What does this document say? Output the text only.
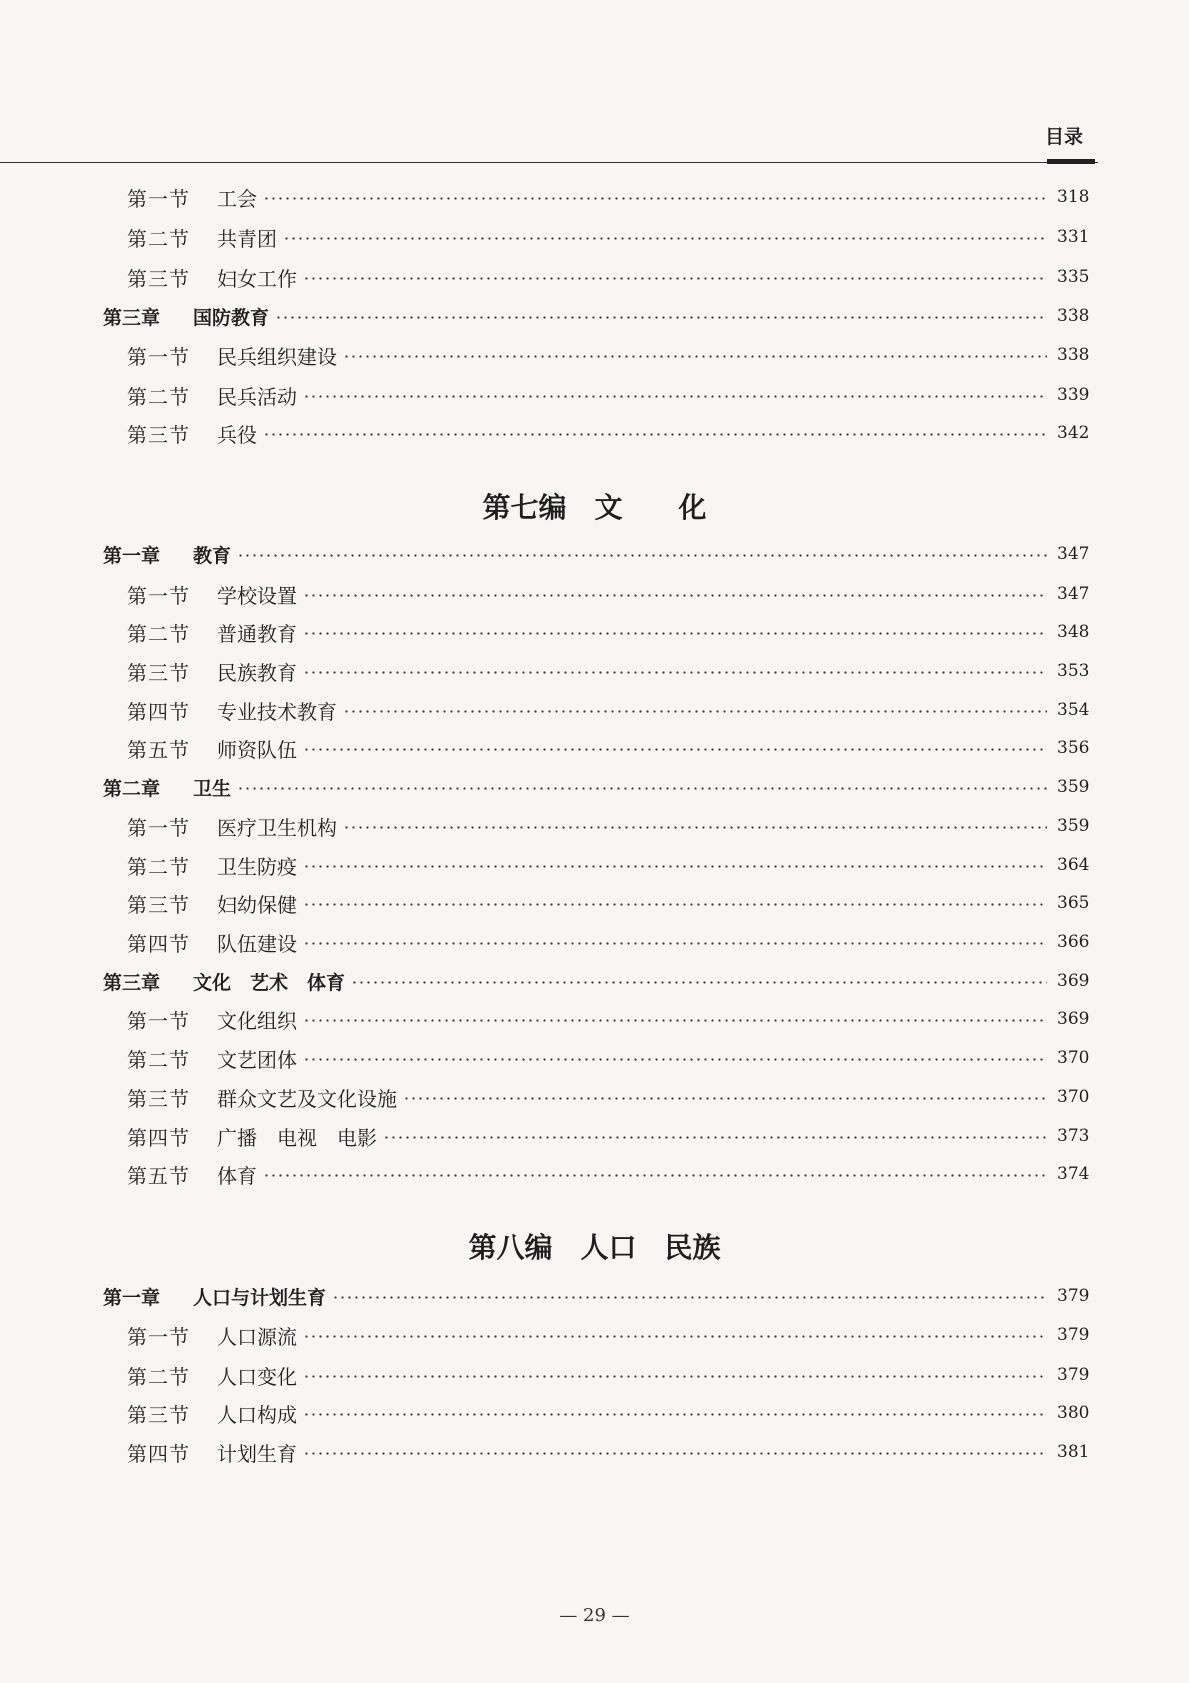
目录
第一节	工会	318
第二节	共青团	331
第三节	妇女工作	335
第三章	国防教育	338
第一节	民兵组织建设	338
第二节	民兵活动	339
第三节	兵役	342
第一章	教育	347
第一节	学校设置	347
第二节	普通教育	348
第三节	民族教育	353
第四节	专业技术教育	354
第五节	师资队伍	356
第二章	卫生	359
第一节	医疗卫生机构	359
第二节	卫生防疫	364
第三节	妇幼保健	365
第四节	队伍建设	366
第三章	文化　艺术　体育	369
第一节	文化组织	369
第二节	文艺团体	370
第三节	群众文艺及文化设施	370
第四节	广播　电视　电影	373
第五节	体育	374
第一章	人口与计划生育	379
第一节	人口源流	379
第二节	人口变化	379
第三节	人口构成	380
第四节	计划生育	381
第七编　文　　化
第八编　人口　民族
— 29 —
